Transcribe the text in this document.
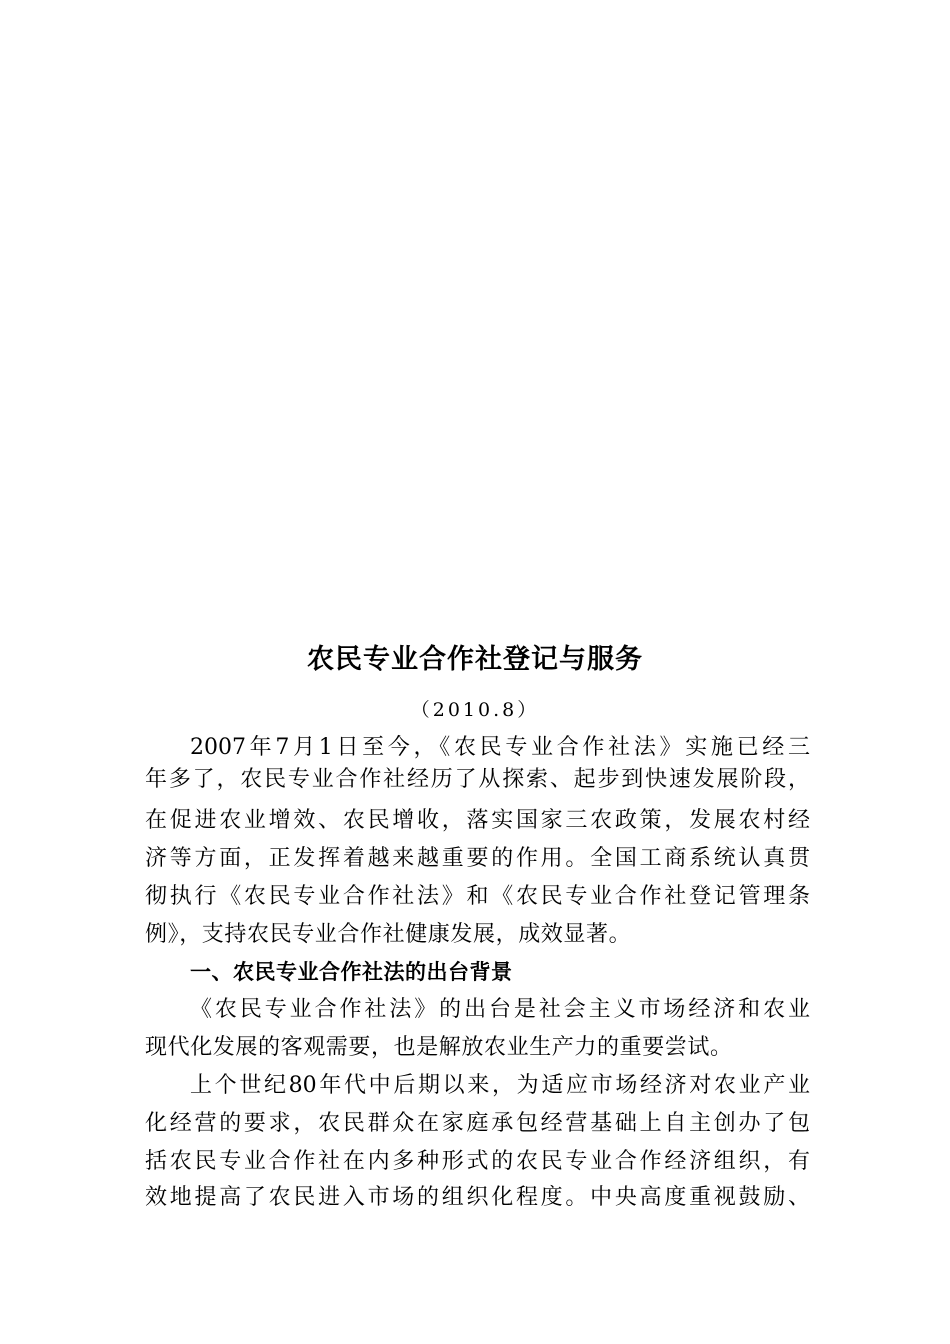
农民专业合作社登记与服务
（2010.8）
2007年7月1日至今，《农民专业合作社法》实施已经三
年多了，农民专业合作社经历了从探索、起步到快速发展阶段，
在促进农业增效、农民增收，落实国家三农政策，发展农村经
济等方面，正发挥着越来越重要的作用。全国工商系统认真贯
彻执行《农民专业合作社法》和《农民专业合作社登记管理条
例》，支持农民专业合作社健康发展，成效显著。
一、农民专业合作社法的出台背景
《农民专业合作社法》的出台是社会主义市场经济和农业
现代化发展的客观需要，也是解放农业生产力的重要尝试。
上个世纪80年代中后期以来，为适应市场经济对农业产业
化经营的要求，农民群众在家庭承包经营基础上自主创办了包
括农民专业合作社在内多种形式的农民专业合作经济组织，有
效地提高了农民进入市场的组织化程度。中央高度重视鼓励、
